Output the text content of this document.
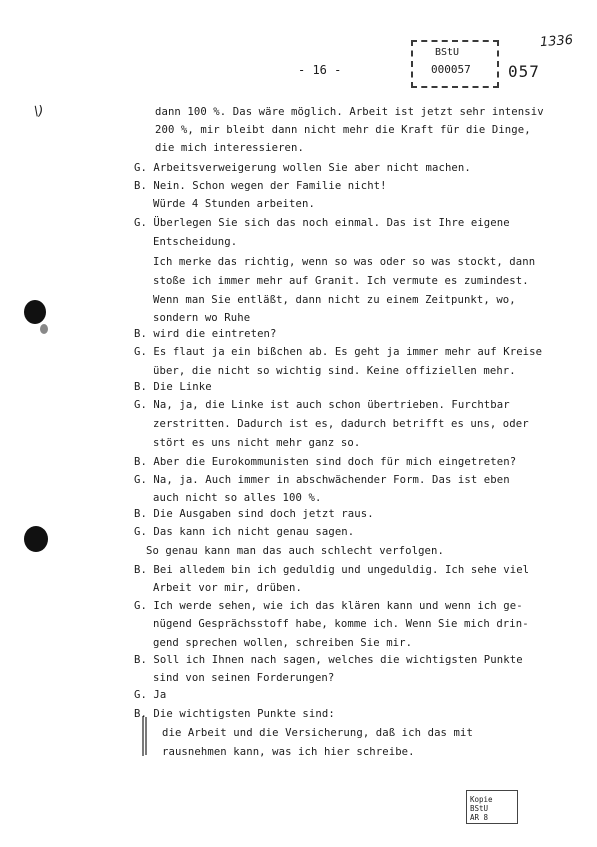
\)
- 16 -
BStU
000057 057
1336
dann 100 %. Das wäre möglich. Arbeit ist jetzt sehr intensiv
200 %, mir bleibt dann nicht mehr die Kraft für die Dinge,
die mich interessieren.
G. Arbeitsverweigerung wollen Sie aber nicht machen.
B. Nein. Schon wegen der Familie nicht!
Würde 4 Stunden arbeiten.
G. Überlegen Sie sich das noch einmal. Das ist Ihre eigene
Entscheidung.
Ich merke das richtig, wenn so was oder so was stockt, dann
stoße ich immer mehr auf Granit. Ich vermute es zumindest.
Wenn man Sie entläßt, dann nicht zu einem Zeitpunkt, wo,
sondern wo Ruhe
B. wird die eintreten?
G. Es flaut ja ein bißchen ab. Es geht ja immer mehr auf Kreise
über, die nicht so wichtig sind. Keine offiziellen mehr.
B. Die Linke
G. Na, ja, die Linke ist auch schon übertrieben. Furchtbar
zerstritten. Dadurch ist es, dadurch betrifft es uns, oder
stört es uns nicht mehr ganz so.
B. Aber die Eurokommunisten sind doch für mich eingetreten?
G. Na, ja. Auch immer in abschwächender Form. Das ist eben
auch nicht so alles 100 %.
B. Die Ausgaben sind doch jetzt raus.
G. Das kann ich nicht genau sagen.
So genau kann man das auch schlecht verfolgen.
B. Bei alledem bin ich geduldig und ungeduldig. Ich sehe viel
Arbeit vor mir, drüben.
G. Ich werde sehen, wie ich das klären kann und wenn ich ge-
nügend Gesprächsstoff habe, komme ich. Wenn Sie mich drin-
gend sprechen wollen, schreiben Sie mir.
B. Soll ich Ihnen nach sagen, welches die wichtigsten Punkte
sind von seinen Forderungen?
G. Ja
B. Die wichtigsten Punkte sind:
die Arbeit und die Versicherung, daß ich das mit
rausnehmen kann, was ich hier schreibe.
Kopie BStU
AR 8
